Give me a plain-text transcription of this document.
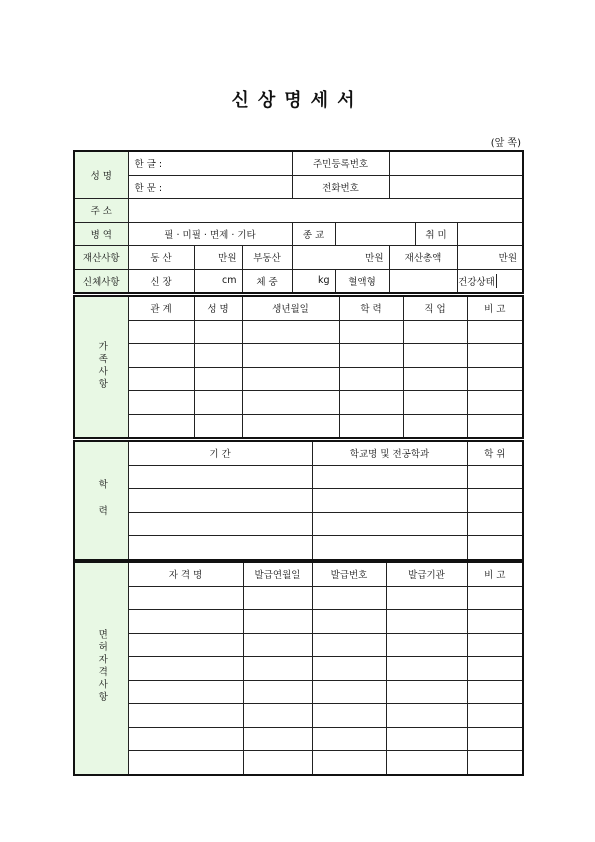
신상명세서
(앞 쪽)
성 명	한 글 :			주민등록번호				
	한 문 :			전화번호				
주 소								
병 역	필 · 미필 · 면제 · 기타			종 교			취 미	
재산사항	동 산	만원	부동산	만원		재산총액		만원
신체사항	신 장	cm	체 중	kg	혈액형			건강상태
가족사항	관 계	성 명	생년월일	학 력	직 업	비 고

학 력	기 간	학교명 및 전공학과	학 위

면허자격사항	자 격 명	발급연월일	발급번호	발급기관	비 고
